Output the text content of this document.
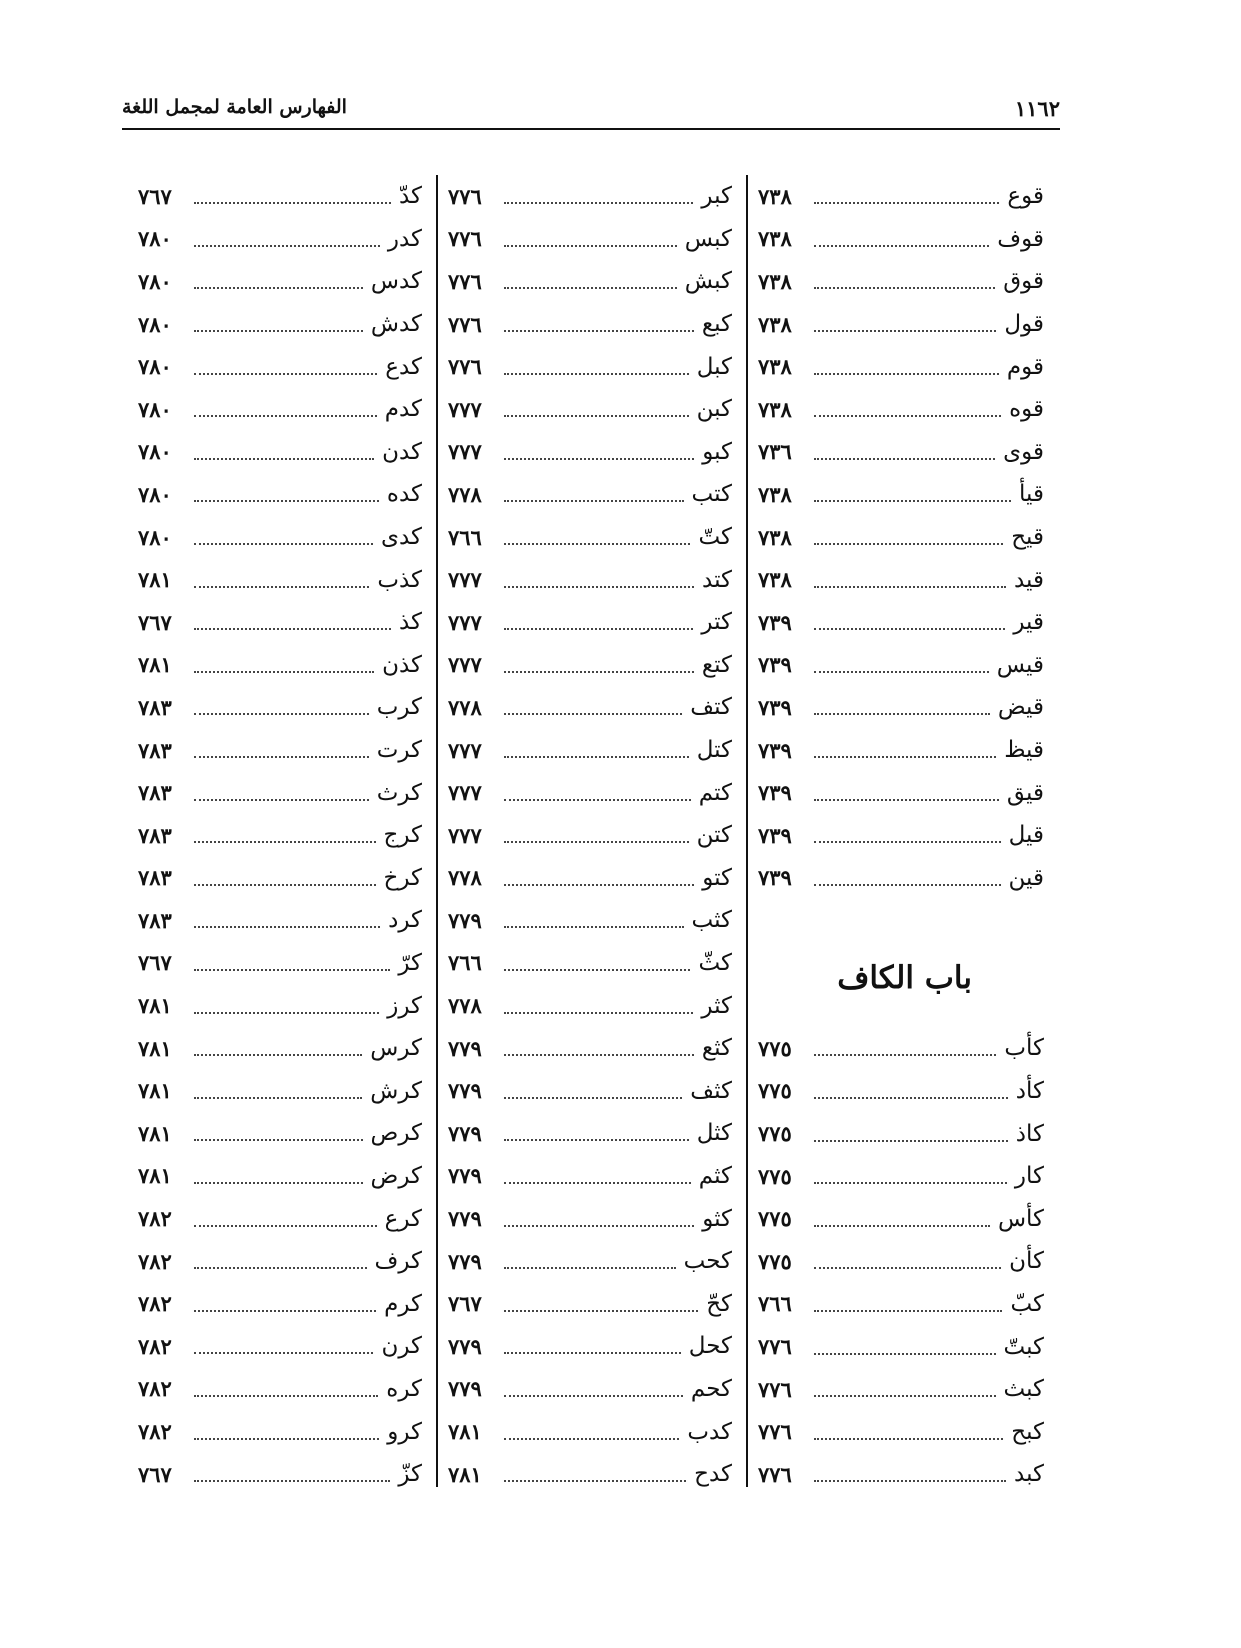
١١٦٢
الفهارس العامة لمجمل اللغة
قوع
٧٣٨
قوف
٧٣٨
قوق
٧٣٨
قول
٧٣٨
قوم
٧٣٨
قوه
٧٣٨
قوى
٧٣٦
قيأ
٧٣٨
قيح
٧٣٨
قيد
٧٣٨
قير
٧٣٩
قيس
٧٣٩
قيض
٧٣٩
قيظ
٧٣٩
قيق
٧٣٩
قيل
٧٣٩
قين
٧٣٩
باب الكاف
كأب
٧٧٥
كأد
٧٧٥
كاذ
٧٧٥
كار
٧٧٥
كأس
٧٧٥
كأن
٧٧٥
كبّ
٧٦٦
كبتّ
٧٧٦
كبث
٧٧٦
كبح
٧٧٦
كبد
٧٧٦
كبر
٧٧٦
كبس
٧٧٦
كبش
٧٧٦
كبع
٧٧٦
كبل
٧٧٦
كبن
٧٧٧
كبو
٧٧٧
كتب
٧٧٨
كتّ
٧٦٦
كتد
٧٧٧
كتر
٧٧٧
كتع
٧٧٧
كتف
٧٧٨
كتل
٧٧٧
كتم
٧٧٧
كتن
٧٧٧
كتو
٧٧٨
كثب
٧٧٩
كثّ
٧٦٦
كثر
٧٧٨
كثع
٧٧٩
كثف
٧٧٩
كثل
٧٧٩
كثم
٧٧٩
كثو
٧٧٩
كحب
٧٧٩
كحّ
٧٦٧
كحل
٧٧٩
كحم
٧٧٩
كدب
٧٨١
كدح
٧٨١
كدّ
٧٦٧
كدر
٧٨٠
كدس
٧٨٠
كدش
٧٨٠
كدع
٧٨٠
كدم
٧٨٠
كدن
٧٨٠
كده
٧٨٠
كدى
٧٨٠
كذب
٧٨١
كذ
٧٦٧
كذن
٧٨١
كرب
٧٨٣
كرت
٧٨٣
كرث
٧٨٣
كرج
٧٨٣
كرخ
٧٨٣
كرد
٧٨٣
كرّ
٧٦٧
كرز
٧٨١
كرس
٧٨١
كرش
٧٨١
كرص
٧٨١
كرض
٧٨١
كرع
٧٨٢
كرف
٧٨٢
كرم
٧٨٢
كرن
٧٨٢
كره
٧٨٢
كرو
٧٨٢
كزّ
٧٦٧
